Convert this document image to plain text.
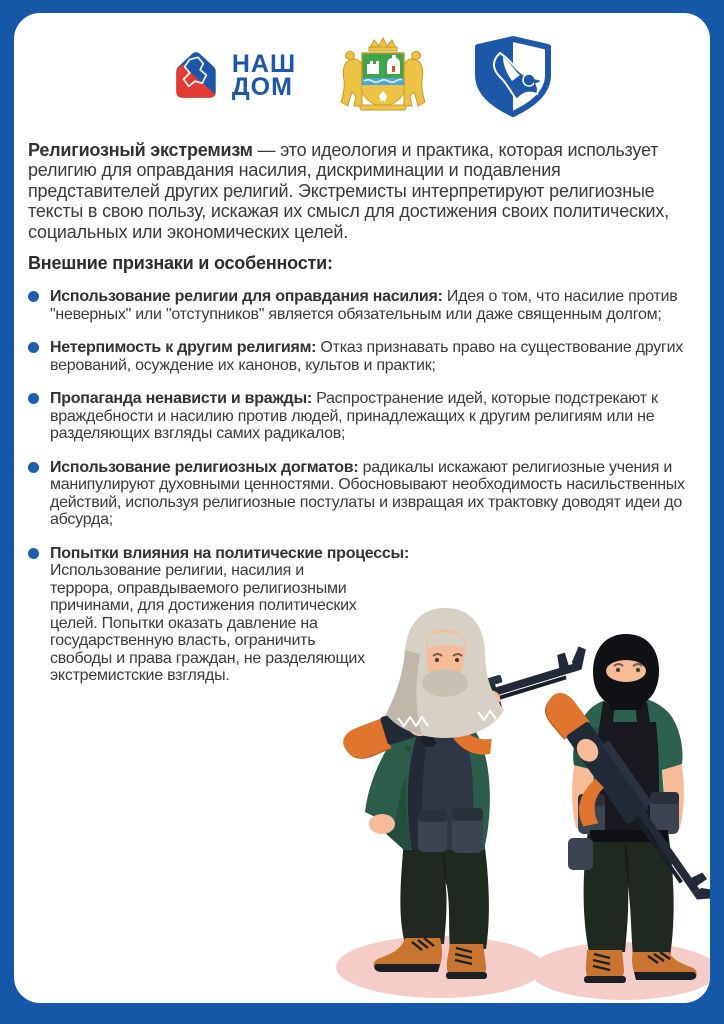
НАШ
ДОМ

Религиозный экстремизм — это идеология и практика, которая использует религию для оправдания насилия, дискриминации и подавления представителей других религий. Экстремисты интерпретируют религиозные тексты в свою пользу, искажая их смысл для достижения своих политических, социальных или экономических целей.

Внешние признаки и особенности:

Использование религии для оправдания насилия: Идея о том, что насилие против "неверных" или "отступников" является обязательным или даже священным долгом;

Нетерпимость к другим религиям: Отказ признавать право на существование других верований, осуждение их канонов, культов и практик;

Пропаганда ненависти и вражды: Распространение идей, которые подстрекают к враждебности и насилию против людей, принадлежащих к другим религиям или не разделяющих взгляды самих радикалов;

Использование религиозных догматов: радикалы искажают религиозные учения и манипулируют духовными ценностями. Обосновывают необходимость насильственных действий, используя религиозные постулаты и извращая их трактовку доводят идеи до абсурда;

Попытки влияния на политические процессы:
Использование религии, насилия и террора, оправдываемого религиозными причинами, для достижения политических целей. Попытки оказать давление на государственную власть, ограничить свободы и права граждан, не разделяющих экстремистские взгляды.
